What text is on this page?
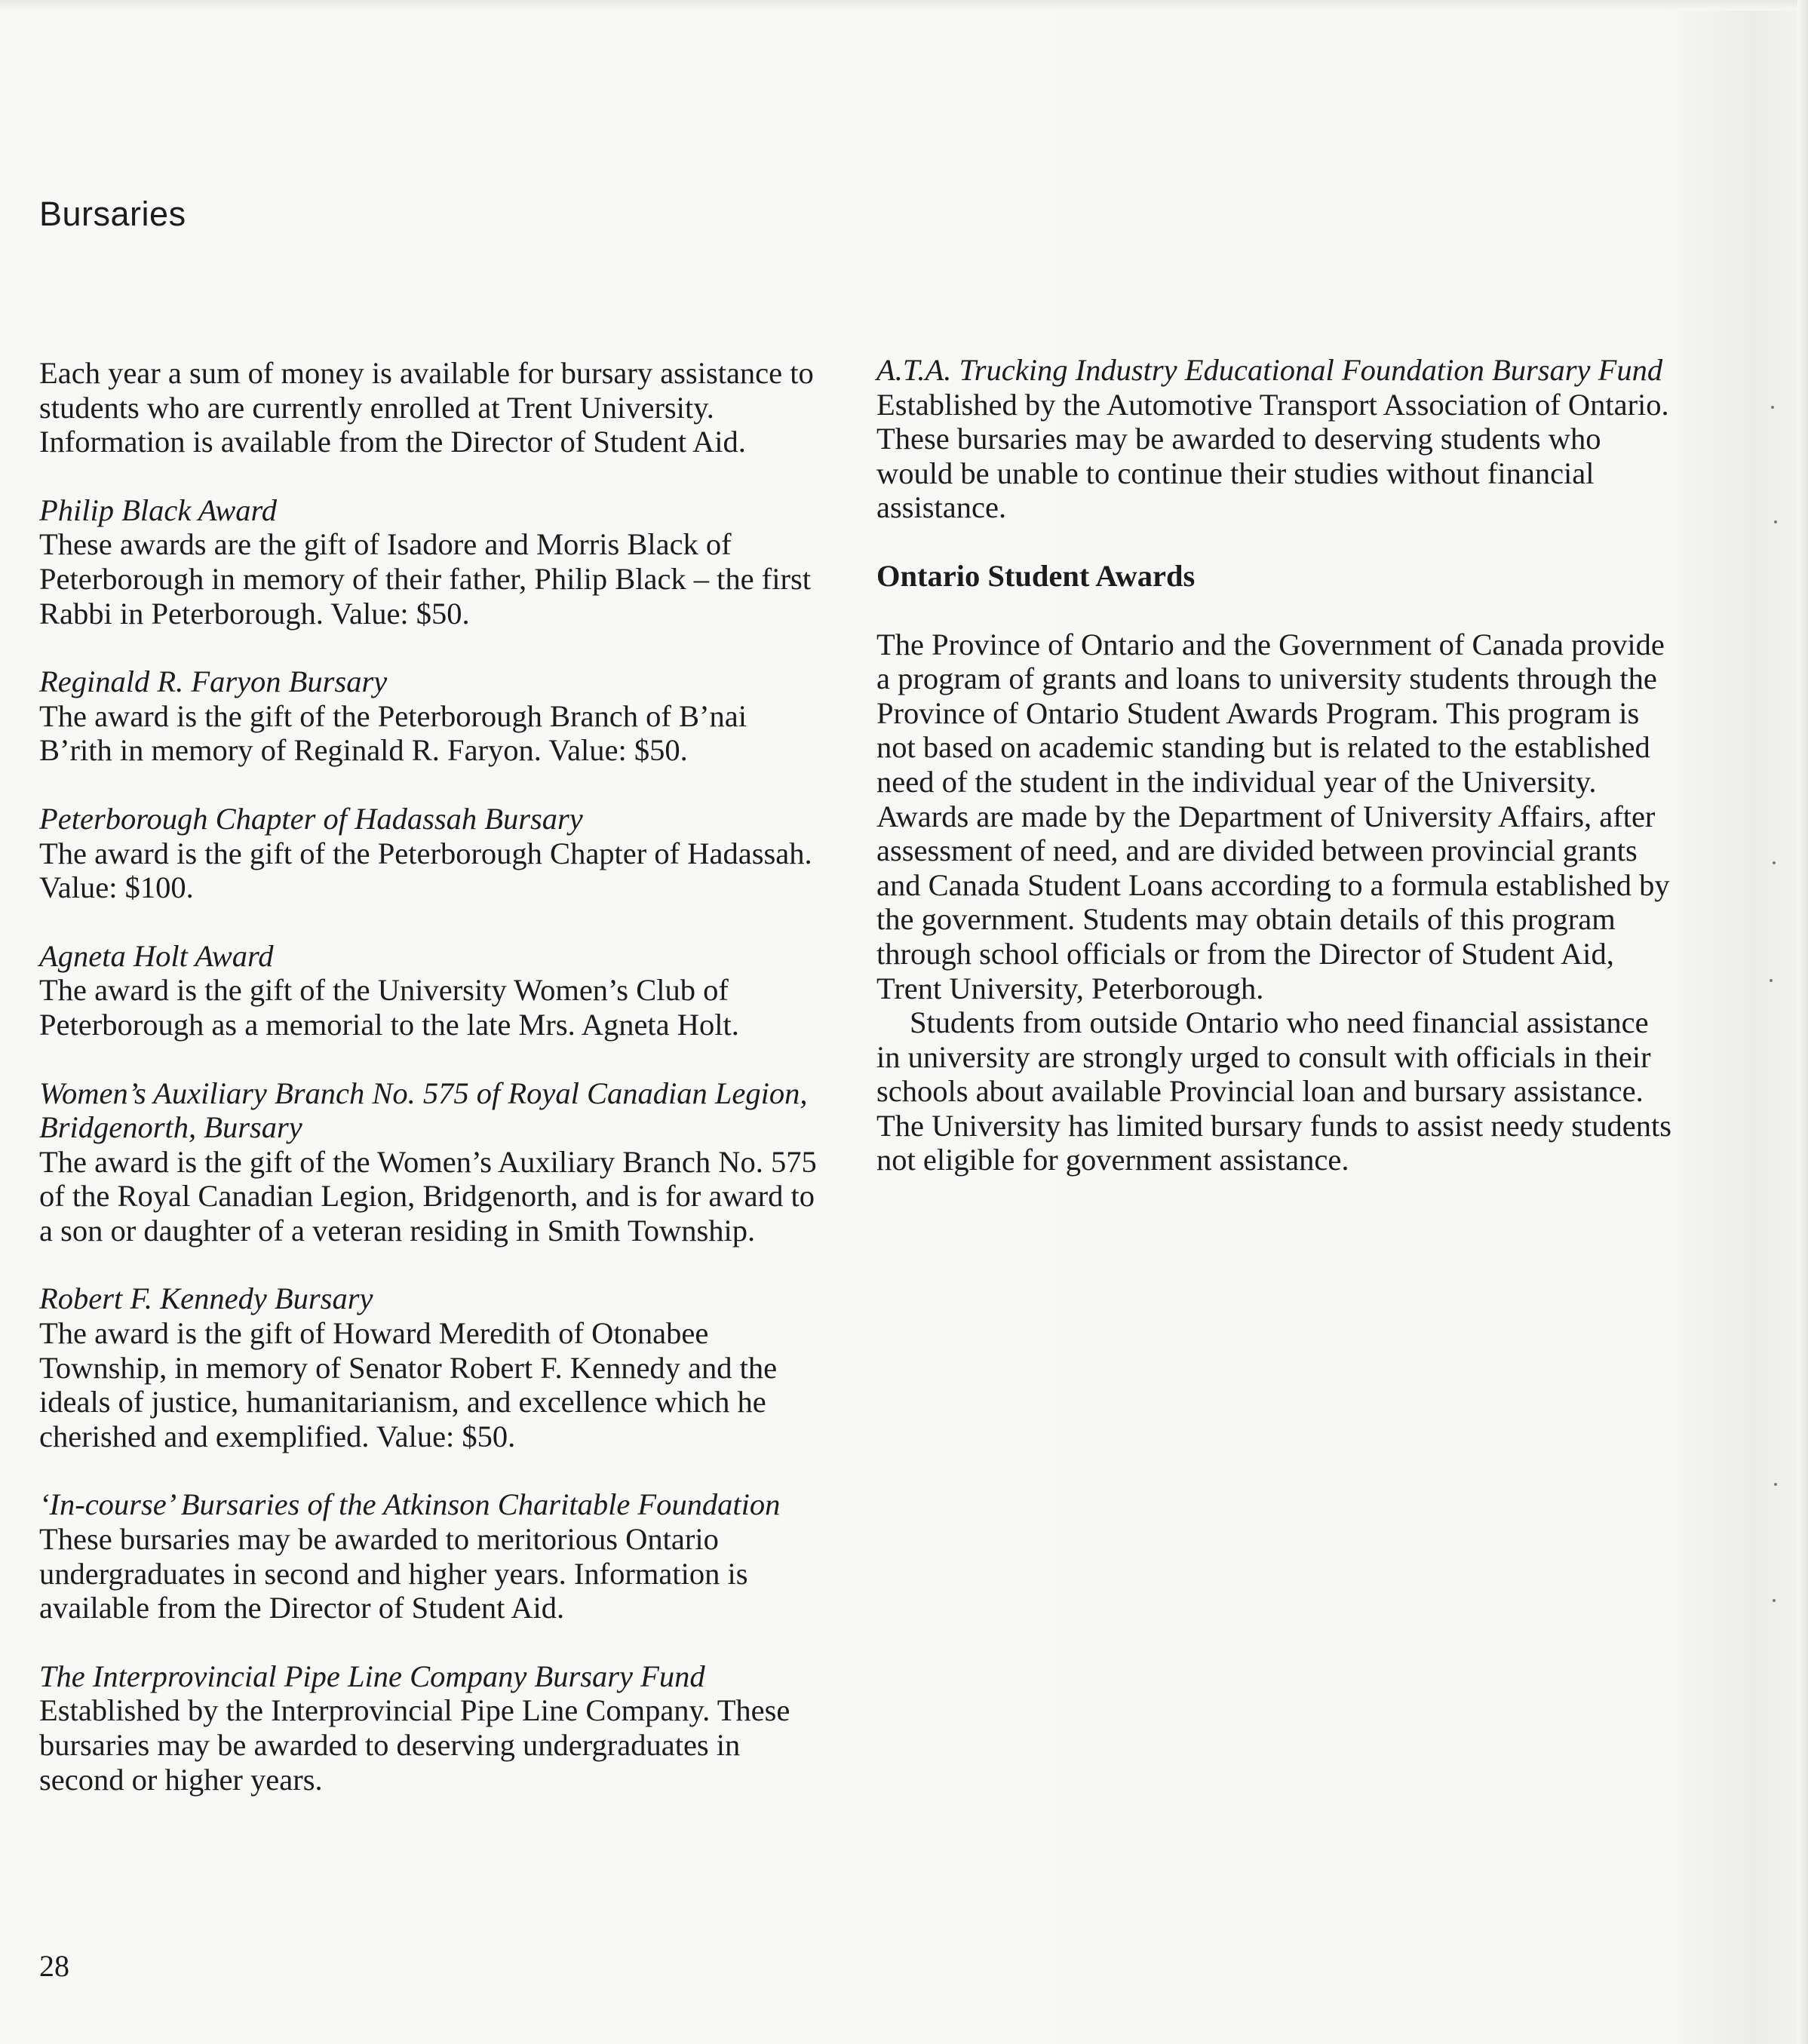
Bursaries
Each year a sum of money is available for bursary assistance to students who are currently enrolled at Trent University. Information is available from the Director of Student Aid.
Philip Black Award
These awards are the gift of Isadore and Morris Black of Peterborough in memory of their father, Philip Black – the first Rabbi in Peterborough. Value: $50.
Reginald R. Faryon Bursary
The award is the gift of the Peterborough Branch of B’nai B’rith in memory of Reginald R. Faryon. Value: $50.
Peterborough Chapter of Hadassah Bursary
The award is the gift of the Peterborough Chapter of Hadassah. Value: $100.
Agneta Holt Award
The award is the gift of the University Women’s Club of Peterborough as a memorial to the late Mrs. Agneta Holt.
Women’s Auxiliary Branch No. 575 of Royal Canadian Legion, Bridgenorth, Bursary
The award is the gift of the Women’s Auxiliary Branch No. 575 of the Royal Canadian Legion, Bridgenorth, and is for award to a son or daughter of a veteran residing in Smith Township.
Robert F. Kennedy Bursary
The award is the gift of Howard Meredith of Otonabee Township, in memory of Senator Robert F. Kennedy and the ideals of justice, humanitarianism, and excellence which he cherished and exemplified. Value: $50.
‘In-course’ Bursaries of the Atkinson Charitable Foundation
These bursaries may be awarded to meritorious Ontario undergraduates in second and higher years. Information is available from the Director of Student Aid.
The Interprovincial Pipe Line Company Bursary Fund
Established by the Interprovincial Pipe Line Company. These bursaries may be awarded to deserving undergraduates in second or higher years.
A.T.A. Trucking Industry Educational Foundation Bursary Fund
Established by the Automotive Transport Association of Ontario. These bursaries may be awarded to deserving students who would be unable to continue their studies without financial assistance.
Ontario Student Awards
The Province of Ontario and the Government of Canada provide a program of grants and loans to university students through the Province of Ontario Student Awards Program. This program is not based on academic standing but is related to the established need of the student in the individual year of the University. Awards are made by the Department of University Affairs, after assessment of need, and are divided between provincial grants and Canada Student Loans according to a formula established by the government. Students may obtain details of this program through school officials or from the Director of Student Aid, Trent University, Peterborough.
Students from outside Ontario who need financial assistance in university are strongly urged to consult with officials in their schools about available Provincial loan and bursary assistance. The University has limited bursary funds to assist needy students not eligible for government assistance.
28
